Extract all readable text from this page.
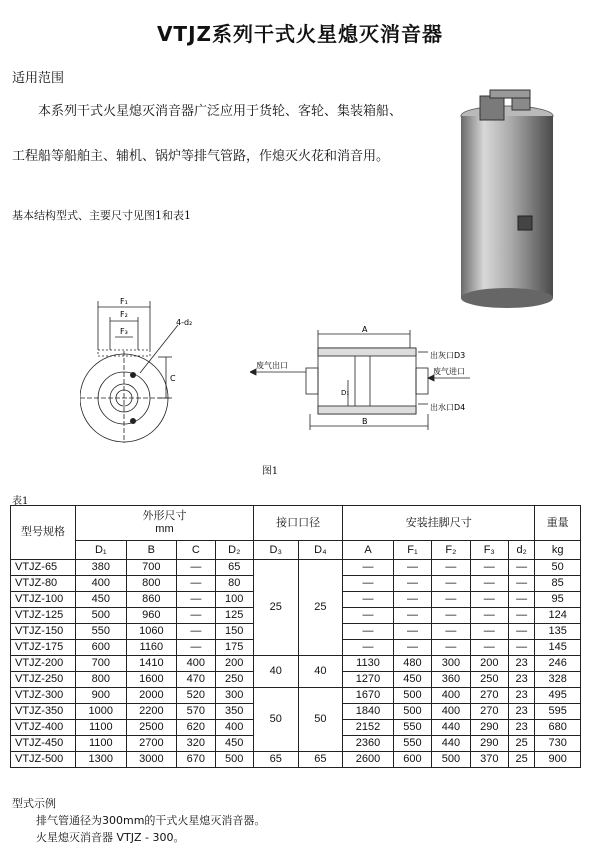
VTJZ系列干式火星熄灭消音器
适用范围
本系列干式火星熄灭消音器广泛应用于货轮、客轮、集装箱船、
工程船等船舶主、辅机、锅炉等排气管路，作熄灭火花和消音用。
基本结构型式、主要尺寸见图1和表1
F₁
F₂
F₃
4-d₂
C
A
B
D₁
出灰口D3
废气出口
废气进口
出水口D4
图1
表1
型号规格	外形尺寸
mm				接口口径		安装挂脚尺寸					重量
	D₁	B	C	D₂	D₃	D₄	A	F₁	F₂	F₃	d₂	kg
VTJZ-65	380	700	—	65	25	25	—	—	—	—	—	50
VTJZ-80	400	800	—	80			—	—	—	—	—	85
VTJZ-100	450	860	—	100			—	—	—	—	—	95
VTJZ-125	500	960	—	125			—	—	—	—	—	124
VTJZ-150	550	1060	—	150			—	—	—	—	—	135
VTJZ-175	600	1160	—	175			—	—	—	—	—	145
VTJZ-200	700	1410	400	200	40	40	1130	480	300	200	23	246
VTJZ-250	800	1600	470	250			1270	450	360	250	23	328
VTJZ-300	900	2000	520	300	50	50	1670	500	400	270	23	495
VTJZ-350	1000	2200	570	350			1840	500	400	270	23	595
VTJZ-400	1100	2500	620	400			2152	550	440	290	23	680
VTJZ-450	1100	2700	320	450			2360	550	440	290	25	730
VTJZ-500	1300	3000	670	500	65	65	2600	600	500	370	25	900
型式示例
排气管通径为300mm的干式火星熄灭消音器。
火星熄灭消音器 VTJZ - 300。
